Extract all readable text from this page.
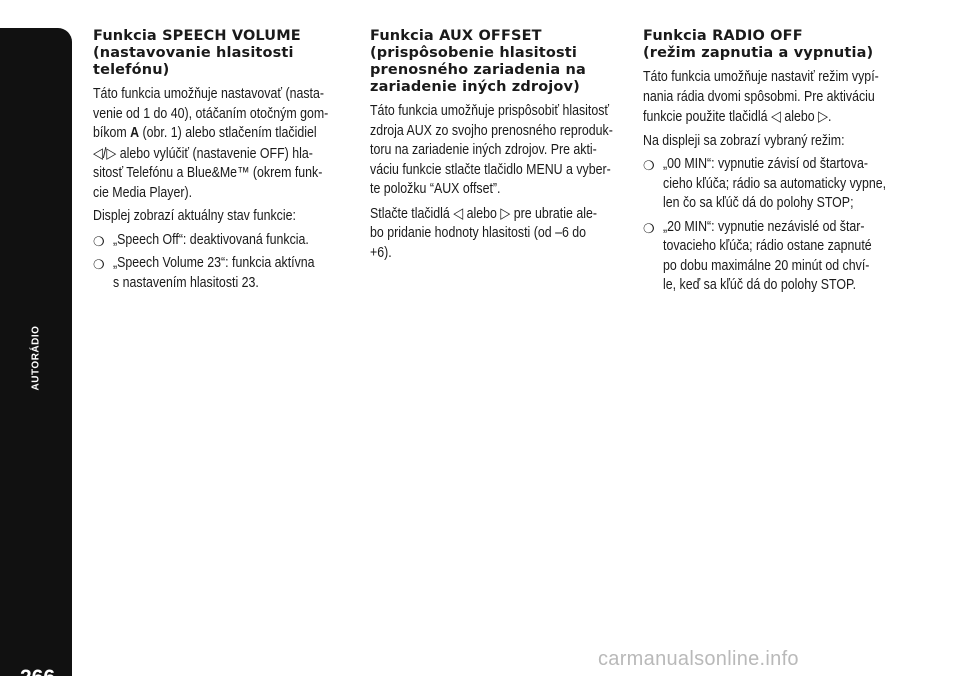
AUTORÁDIO
266
Funkcia SPEECH VOLUME
(nastavovanie hlasitosti
telefónu)

Táto funkcia umožňuje nastavovať (nasta-
venie od 1 do 40), otáčaním otočným gom-
bíkom A (obr. 1) alebo stlačením tlačidiel
◁/▷ alebo vylúčiť (nastavenie OFF) hla-
sitosť Telefónu a Blue&Me™ (okrem funk-
cie Media Player).

Displej zobrazí aktuálny stav funkcie:

❍ „Speech Off“: deaktivovaná funkcia.

❍ „Speech Volume 23“: funkcia aktívna
s nastavením hlasitosti 23.

Funkcia AUX OFFSET
(prispôsobenie hlasitosti
prenosného zariadenia na
zariadenie iných zdrojov)

Táto funkcia umožňuje prispôsobiť hlasitosť
zdroja AUX zo svojho prenosného reproduk-
toru na zariadenie iných zdrojov. Pre akti-
váciu funkcie stlačte tlačidlo MENU a vyber-
te položku “AUX offset”.

Stlačte tlačidlá ◁ alebo ▷ pre ubratie ale-
bo pridanie hodnoty hlasitosti (od –6 do
+6).

Funkcia RADIO OFF
(režim zapnutia a vypnutia)

Táto funkcia umožňuje nastaviť režim vypí-
nania rádia dvomi spôsobmi. Pre aktiváciu
funkcie použite tlačidlá ◁ alebo ▷.

Na displeji sa zobrazí vybraný režim:

❍ „00 MIN“: vypnutie závisí od štartova-
cieho kľúča; rádio sa automaticky vypne,
len čo sa kľúč dá do polohy STOP;

❍ „20 MIN“: vypnutie nezávislé od štar-
tovacieho kľúča; rádio ostane zapnuté
po dobu maximálne 20 minút od chví-
le, keď sa kľúč dá do polohy STOP.

carmanualsonline.info
